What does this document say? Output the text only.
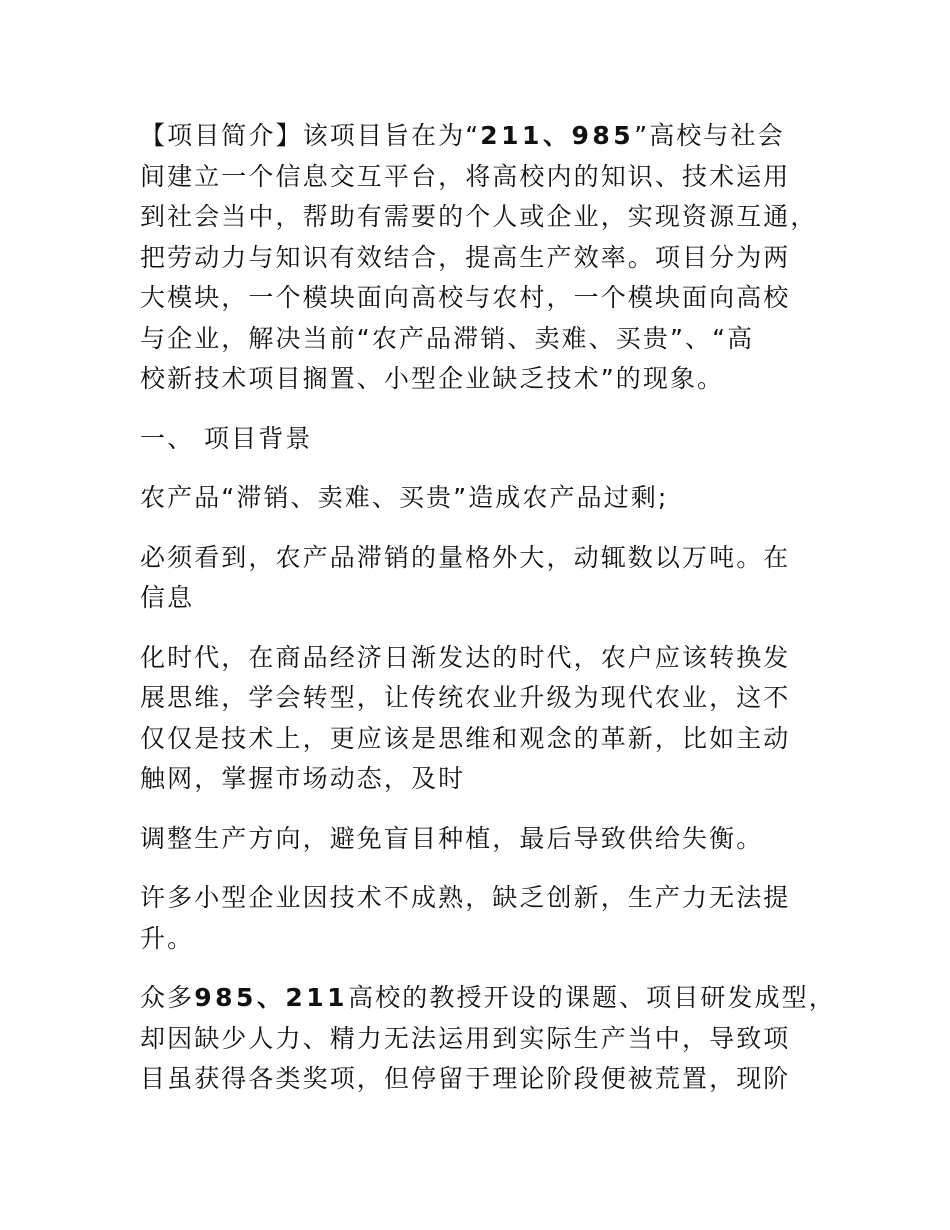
【项目简介】该项目旨在为“211、985”高校与社会
间建立一个信息交互平台，将高校内的知识、技术运用
到社会当中，帮助有需要的个人或企业，实现资源互通，
把劳动力与知识有效结合，提高生产效率。项目分为两
大模块，一个模块面向高校与农村，一个模块面向高校
与企业，解决当前“农产品滞销、卖难、买贵”、“高
校新技术项目搁置、小型企业缺乏技术”的现象。

一、 项目背景

农产品“滞销、卖难、买贵”造成农产品过剩;

必须看到，农产品滞销的量格外大，动辄数以万吨。在
信息

化时代，在商品经济日渐发达的时代，农户应该转换发
展思维，学会转型，让传统农业升级为现代农业，这不
仅仅是技术上，更应该是思维和观念的革新，比如主动
触网，掌握市场动态，及时

调整生产方向，避免盲目种植，最后导致供给失衡。

许多小型企业因技术不成熟，缺乏创新，生产力无法提
升。

众多985、211高校的教授开设的课题、项目研发成型，
却因缺少人力、精力无法运用到实际生产当中，导致项
目虽获得各类奖项，但停留于理论阶段便被荒置，现阶
